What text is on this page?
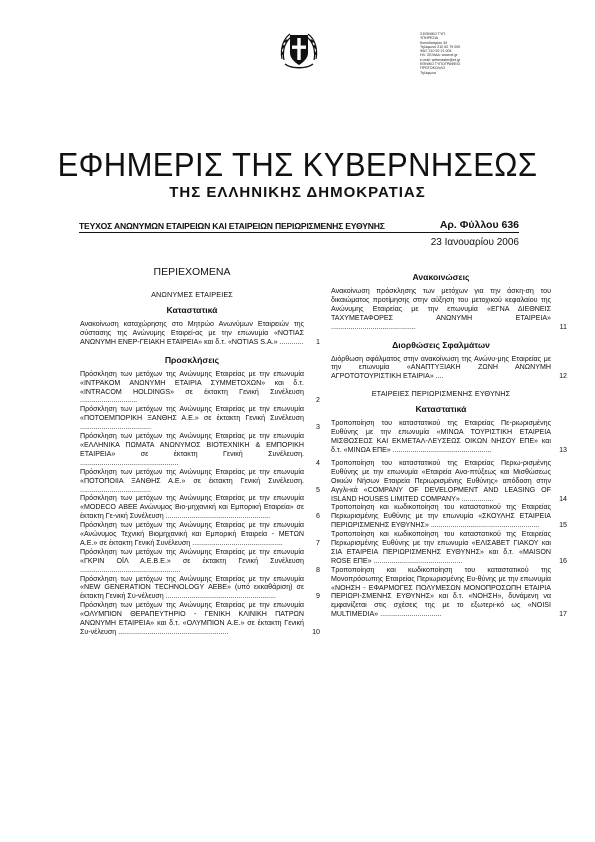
3 ΕΘΝΙΚΟ ΤΥΠ.
ΥΠΗΡΕΣΙΑ
Καποδιστρίου 34
Τηλέφωνο 210 52 79 000
ΦΑΞ 210 52 21 004
ΗΛ. ΣΕΛΙΔΑ: www.et.gr
e-mail: webmaster@et.gr
ΕΘΝΙΚΟ ΤΥΠΟΓΡΑΦΕΙΟ
ΠΡΩΤΟΚΟΛΛΟ
Τηλέφωνο
ΕΦΗΜΕΡΙΣ ΤΗΣ ΚΥΒΕΡΝΗΣΕΩΣ
ΤΗΣ ΕΛΛΗΝΙΚΗΣ ΔΗΜΟΚΡΑΤΙΑΣ
ΤΕΥΧΟΣ ΑΝΩΝΥΜΩΝ ΕΤΑΙΡΕΙΩΝ ΚΑΙ ΕΤΑΙΡΕΙΩΝ ΠΕΡΙΩΡΙΣΜΕΝΗΣ ΕΥΘΥΝΗΣ	Αρ. Φύλλου 636
23 Ιανουαρίου 2006
ΠΕΡΙΕΧΟΜΕΝΑ
ΑΝΩΝΥΜΕΣ ΕΤΑΙΡΕΙΕΣ
Καταστατικά
Ανακοίνωση καταχώρησης στο Μητρώο Ανωνύμων Εταιρειών της σύστασης της Ανώνυμης Εταιρεί-ας με την επωνυμία «ΝΟΤΙΑΣ ΑΝΩΝΥΜΗ ΕΝΕΡ-ΓΕΙΑΚΗ ΕΤΑΙΡΕΙΑ» και δ.τ. «NOTIAS S.A.» ............ 1
Προσκλήσεις
Πρόσκληση των μετόχων της Ανώνυμης Εταιρείας με την επωνυμία «ΙΝΤΡΑΚΟΜ ΑΝΩΝΥΜΗ ΕΤΑΙΡΙΑ ΣΥΜΜΕΤΟΧΩΝ» και δ.τ. «INTRACOM HOLDINGS» σε έκτακτη Γενική Συνέλευση .............................	2
Πρόσκληση των μετόχων της Ανώνυμης Εταιρείας με την επωνυμία «ΠΟΤΟΕΜΠΟΡΙΚΗ ΞΑΝΘΗΣ Α.Ε.» σε έκτακτη Γενική Συνέλευση ....................................	3
Πρόσκληση των μετόχων της Ανώνυμης Εταιρείας με την επωνυμία «ΕΛΛΗΝΙΚΑ ΠΩΜΑΤΑ ΑΝΩΝΥΜΟΣ ΒΙΟΤΕΧΝΙΚΗ & ΕΜΠΟΡΙΚΗ ΕΤΑΙΡΕΙΑ» σε έκτακτη Γενική Συνέλευση. ..................................................	4
Πρόσκληση των μετόχων της Ανώνυμης Εταιρείας με την επωνυμία «ΠΟΤΟΠΟΙΙΑ ΞΑΝΘΗΣ Α.Ε.» σε έκτακτη Γενική Συνέλευση. ....................................	5
Πρόσκληση των μετόχων της Ανώνυμης Εταιρείας με την επωνυμία «MODECO ΑΒΕΕ Ανώνυμος Βιο-μηχανική και Εμπορική Εταιρεία» σε έκτακτη Γε-νική Συνέλευση .....................................................	6
Πρόσκληση των μετόχων της Ανώνυμης Εταιρείας με την επωνυμία «Ανώνυμος Τεχνική Βιομηχανική και Εμπορική Εταιρεία - ΜΕΤΩΝ Α.Ε.» σε έκτακτη Γενική Συνέλευση ..............................................	7
Πρόσκληση των μετόχων της Ανώνυμης Εταιρείας με την επωνυμία «ΓΚΡΙΝ ΟΪΛ Α.Ε.Β.Ε.» σε έκτακτη Γενική Συνέλευση ...................................................	8
Πρόσκληση των μετόχων της Ανώνυμης Εταιρείας με την επωνυμία «NEW GENERATION TECHNOLOGY ΑΕΒΕ» (υπό εκκαθάριση) σε έκτακτη Γενική Συ-νέλευση ........................................................	9
Πρόσκληση των μετόχων της Ανώνυμης Εταιρείας με την επωνυμία «ΟΛΥΜΠΙΟΝ ΘΕΡΑΠΕΥΤΗΡΙΟ - ΓΕΝΙΚΗ ΚΛΙΝΙΚΗ ΠΑΤΡΩΝ ΑΝΩΝΥΜΗ ΕΤΑΙΡΕΙΑ» και δ.τ. «ΟΛΥΜΠΙΟΝ Α.Ε.» σε έκτακτη Γενική Συ-νέλευση ........................................................	10
Ανακοινώσεις
Ανακοίνωση πρόσκλησης των μετόχων για την άσκη-ση του δικαιώματος προτίμησης στην αύξηση του μετοχικού κεφαλαίου της Ανώνυμης Εταιρείας με την επωνυμία «ΕΓΝΑ ΔΙΕΘΝΕΙΣ ΤΑΧΥΜΕΤΑΦΟΡΕΣ ΑΝΩΝΥΜΗ ΕΤΑΙΡΕΙΑ» ...........................................	11
Διορθώσεις Σφαλμάτων
Διόρθωση σφάλματος στην ανακοίνωση της Ανώνυ-μης Εταιρείας με την επωνυμία «ΑΝΑΠΤΥΞΙΑΚΗ ΖΩΝΗ ΑΝΩΝΥΜΗ ΑΓΡΟΤΟΤΟΥΡΙΣΤΙΚΗ ΕΤΑΙΡΙΑ» ....	12
ΕΤΑΙΡΕΙΕΣ ΠΕΡΙΩΡΙΣΜΕΝΗΣ ΕΥΘΥΝΗΣ
Καταστατικά
Τροποποίηση του καταστατικού της Εταιρείας Πε-ριωρισμένης Ευθύνης με την επωνυμία «ΜΙΝΩΑ ΤΟΥΡΙΣΤΙΚΗ ΕΤΑΙΡΕΙΑ ΜΙΣΘΩΣΕΩΣ ΚΑΙ ΕΚΜΕΤΑΛ-ΛΕΥΣΕΩΣ ΟΙΚΩΝ ΝΗΣΟΥ ΕΠΕ» και δ.τ. «ΜΙΝΩΑ ΕΠΕ» ..................................................	13
Τροποποίηση του καταστατικού της Εταιρείας Περιω-ρισμένης Ευθύνης με την επωνυμία «Εταιρεία Ανα-πτύξεως και Μισθώσεως Οικιών Νήσων Εταιρεία Περιωρισμένης Ευθύνης» απόδοση στην Αγγλι-κά «COMPANY OF DEVELOPMENT AND LEASING OF ISLAND HOUSES LIMITED COMPANY» ................	14
Τροποποίηση και κωδικοποίηση του καταστατικού της Εταιρείας Περιωρισμένης Ευθύνης με την επωνυμία «ΣΚΟΥΛΗΣ ΕΤΑΙΡΕΙΑ ΠΕΡΙΩΡΙΣΜΕΝΗΣ ΕΥΘΥΝΗΣ» .......................................................	15
Τροποποίηση και κωδικοποίηση του καταστατικού της Εταιρείας Περιωρισμένης Ευθύνης με την επωνυμία «ΕΛΙΣΑΒΕΤ ΓΙΑΚΟΥ και ΣΙΑ ΕΤΑΙΡΕΙΑ ΠΕΡΙΩΡΙΣΜΕΝΗΣ ΕΥΘΥΝΗΣ» και δ.τ. «MAISON ROSE ΕΠΕ» .............................................	16
Τροποποίηση και κωδικοποίηση του καταστατικού της Μονοπρόσωπης Εταιρείας Περιωρισμένης Ευ-θύνης με την επωνυμία «ΝΟΗΣΗ - ΕΦΑΡΜΟΓΕΣ ΠΟΛΥΜΕΣΩΝ ΜΟΝΟΠΡΟΣΩΠΗ ΕΤΑΙΡΙΑ ΠΕΡΙΩΡΙ-ΣΜΕΝΗΣ ΕΥΘΥΝΗΣ» και δ.τ. «ΝΟΗΣΗ», δυνάμενη να εμφανίζεται στις σχέσεις της με το εξωτερι-κό ως «NOISI MULTIMEDIA» ...............................	17
